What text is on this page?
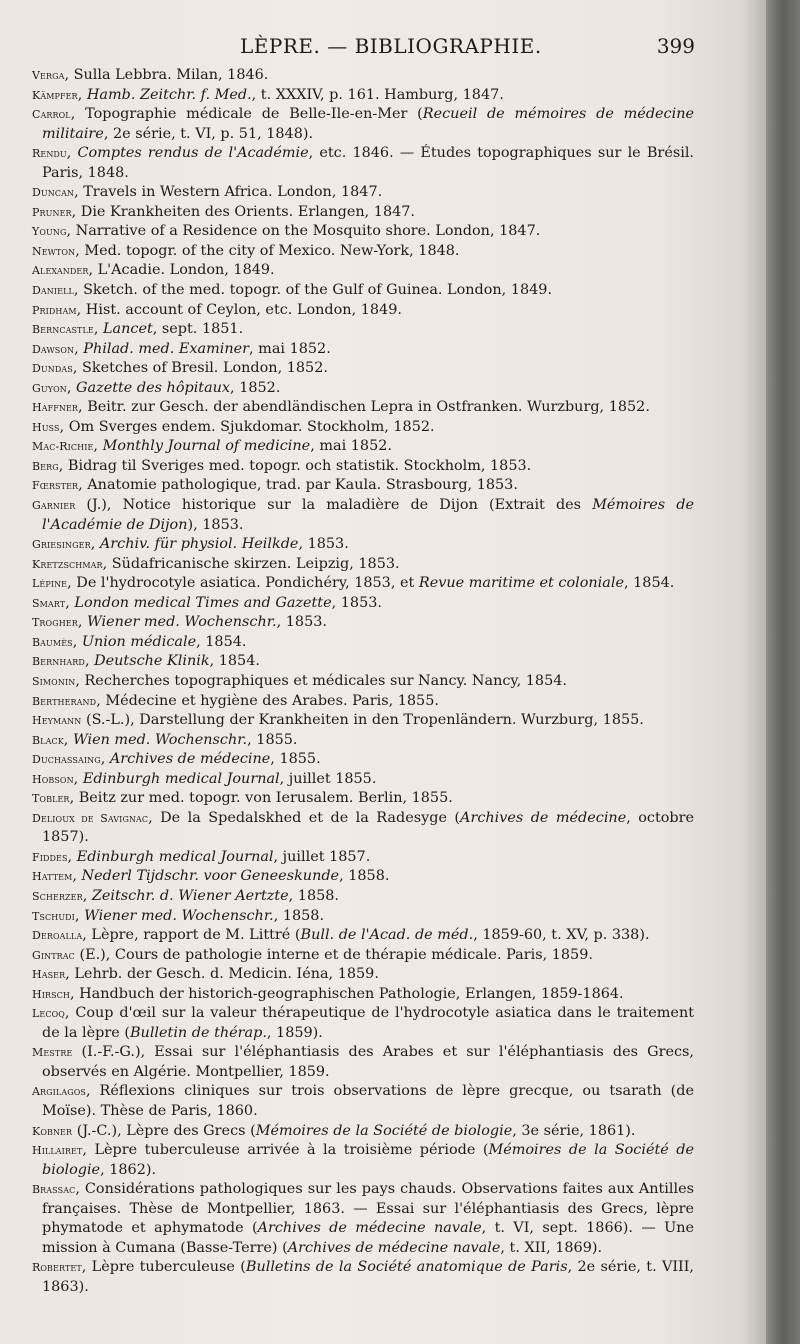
LÈPRE. — BIBLIOGRAPHIE.	399

Verga, Sulla Lebbra. Milan, 1846.

Kämpfer, Hamb. Zeitchr. f. Med., t. XXXIV, p. 161. Hamburg, 1847.

Carrol, Topographie médicale de Belle-Ile-en-Mer (Recueil de mémoires de médecine militaire, 2e série, t. VI, p. 51, 1848).

Rendu, Comptes rendus de l'Académie, etc. 1846. — Études topographiques sur le Brésil. Paris, 1848.

Duncan, Travels in Western Africa. London, 1847.

Pruner, Die Krankheiten des Orients. Erlangen, 1847.

Young, Narrative of a Residence on the Mosquito shore. London, 1847.

Newton, Med. topogr. of the city of Mexico. New-York, 1848.

Alexander, L'Acadie. London, 1849.

Daniell, Sketch. of the med. topogr. of the Gulf of Guinea. London, 1849.

Pridham, Hist. account of Ceylon, etc. London, 1849.

Berncastle, Lancet, sept. 1851.

Dawson, Philad. med. Examiner, mai 1852.

Dundas, Sketches of Bresil. London, 1852.

Guyon, Gazette des hôpitaux, 1852.

Haffner, Beitr. zur Gesch. der abendländischen Lepra in Ostfranken. Wurzburg, 1852.

Huss, Om Sverges endem. Sjukdomar. Stockholm, 1852.

Mac-Richie, Monthly Journal of medicine, mai 1852.

Berg, Bidrag til Sveriges med. topogr. och statistik. Stockholm, 1853.

Fœrster, Anatomie pathologique, trad. par Kaula. Strasbourg, 1853.

Garnier (J.), Notice historique sur la maladière de Dijon (Extrait des Mémoires de l'Académie de Dijon), 1853.

Griesinger, Archiv. für physiol. Heilkde, 1853.

Kretzschmar, Südafricanische skirzen. Leipzig, 1853.

Lépine, De l'hydrocotyle asiatica. Pondichéry, 1853, et Revue maritime et coloniale, 1854.

Smart, London medical Times and Gazette, 1853.

Trogher, Wiener med. Wochenschr., 1853.

Baumès, Union médicale, 1854.

Bernhard, Deutsche Klinik, 1854.

Simonin, Recherches topographiques et médicales sur Nancy. Nancy, 1854.

Bertherand, Médecine et hygiène des Arabes. Paris, 1855.

Heymann (S.-L.), Darstellung der Krankheiten in den Tropenländern. Wurzburg, 1855.

Black, Wien med. Wochenschr., 1855.

Duchassaing, Archives de médecine, 1855.

Hobson, Edinburgh medical Journal, juillet 1855.

Tobler, Beitz zur med. topogr. von Ierusalem. Berlin, 1855.

Delioux de Savignac, De la Spedalskhed et de la Radesyge (Archives de médecine, octobre 1857).

Fiddes, Edinburgh medical Journal, juillet 1857.

Hattem, Nederl Tijdschr. voor Geneeskunde, 1858.

Scherzer, Zeitschr. d. Wiener Aertzte, 1858.

Tschudi, Wiener med. Wochenschr., 1858.

Deroalla, Lèpre, rapport de M. Littré (Bull. de l'Acad. de méd., 1859-60, t. XV, p. 338).

Gintrac (E.), Cours de pathologie interne et de thérapie médicale. Paris, 1859.

Haser, Lehrb. der Gesch. d. Medicin. Iéna, 1859.

Hirsch, Handbuch der historich-geographischen Pathologie, Erlangen, 1859-1864.

Lecoq, Coup d'œil sur la valeur thérapeutique de l'hydrocotyle asiatica dans le traitement de la lèpre (Bulletin de thérap., 1859).

Mestre (I.-F.-G.), Essai sur l'éléphantiasis des Arabes et sur l'éléphantiasis des Grecs, observés en Algérie. Montpellier, 1859.

Argilagos, Réflexions cliniques sur trois observations de lèpre grecque, ou tsarath (de Moïse). Thèse de Paris, 1860.

Kobner (J.-C.), Lèpre des Grecs (Mémoires de la Société de biologie, 3e série, 1861).

Hillairet, Lèpre tuberculeuse arrivée à la troisième période (Mémoires de la Société de biologie, 1862).

Brassac, Considérations pathologiques sur les pays chauds. Observations faites aux Antilles françaises. Thèse de Montpellier, 1863. — Essai sur l'éléphantiasis des Grecs, lèpre phymatode et aphymatode (Archives de médecine navale, t. VI, sept. 1866). — Une mission à Cumana (Basse-Terre) (Archives de médecine navale, t. XII, 1869).

Robertet, Lèpre tuberculeuse (Bulletins de la Société anatomique de Paris, 2e série, t. VIII, 1863).
